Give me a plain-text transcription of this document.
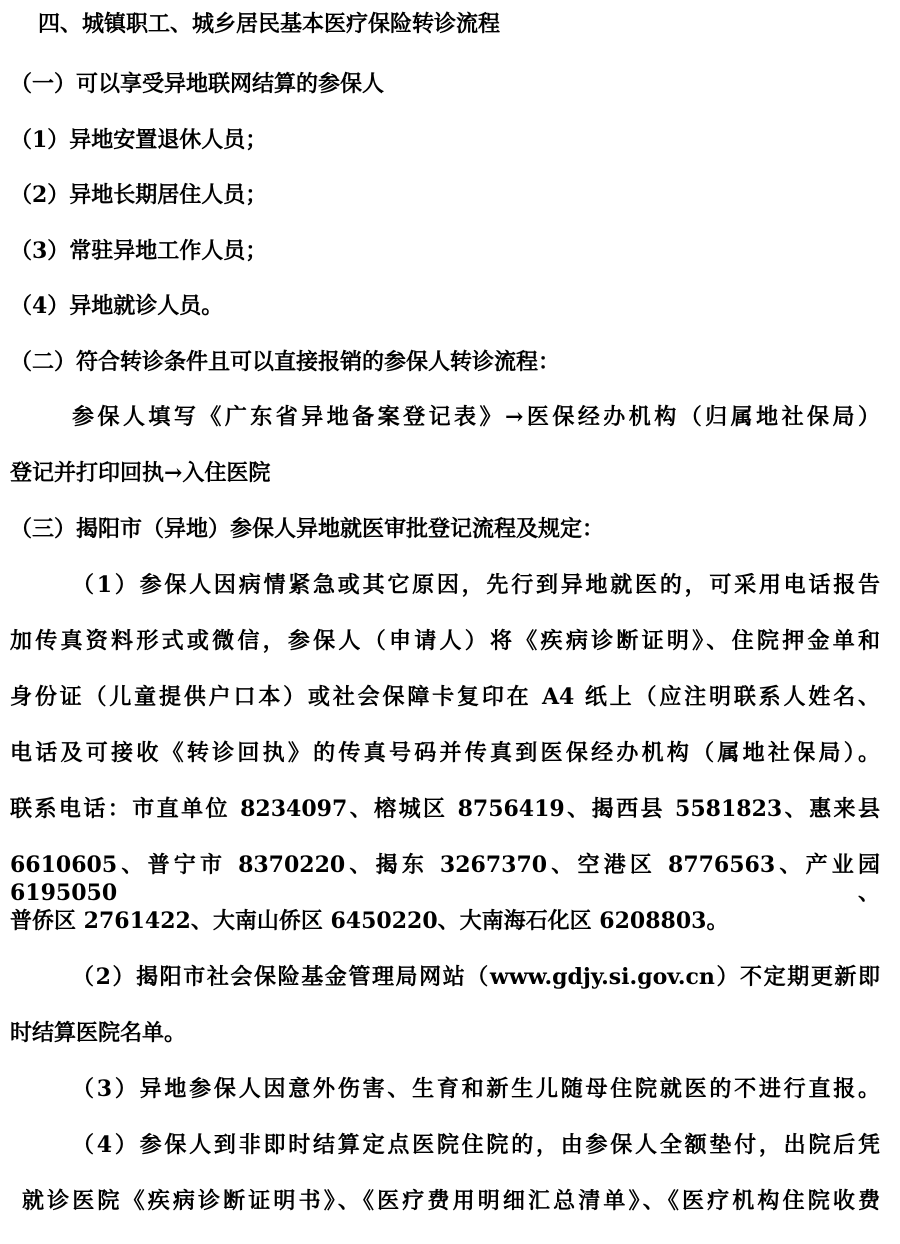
四、城镇职工、城乡居民基本医疗保险转诊流程
（一）可以享受异地联网结算的参保人
（1）异地安置退休人员；
（2）异地长期居住人员；
（3）常驻异地工作人员；
（4）异地就诊人员。
（二）符合转诊条件且可以直接报销的参保人转诊流程：
参保人填写《广东省异地备案登记表》→医保经办机构（归属地社保局）
登记并打印回执→入住医院
（三）揭阳市（异地）参保人异地就医审批登记流程及规定：
（1）参保人因病情紧急或其它原因，先行到异地就医的，可采用电话报告
加传真资料形式或微信，参保人（申请人）将《疾病诊断证明》、住院押金单和
身份证（儿童提供户口本）或社会保障卡复印在 A4 纸上（应注明联系人姓名、
电话及可接收《转诊回执》的传真号码并传真到医保经办机构（属地社保局）。
联系电话：市直单位 8234097、榕城区 8756419、揭西县 5581823、惠来县
6610605、普宁市 8370220、揭东 3267370、空港区 8776563、产业园 6195050、
普侨区 2761422、大南山侨区 6450220、大南海石化区 6208803。
（2）揭阳市社会保险基金管理局网站（www.gdjy.si.gov.cn）不定期更新即
时结算医院名单。
（3）异地参保人因意外伤害、生育和新生儿随母住院就医的不进行直报。
（4）参保人到非即时结算定点医院住院的，由参保人全额垫付，出院后凭
就诊医院《疾病诊断证明书》、《医疗费用明细汇总清单》、《医疗机构住院收费
